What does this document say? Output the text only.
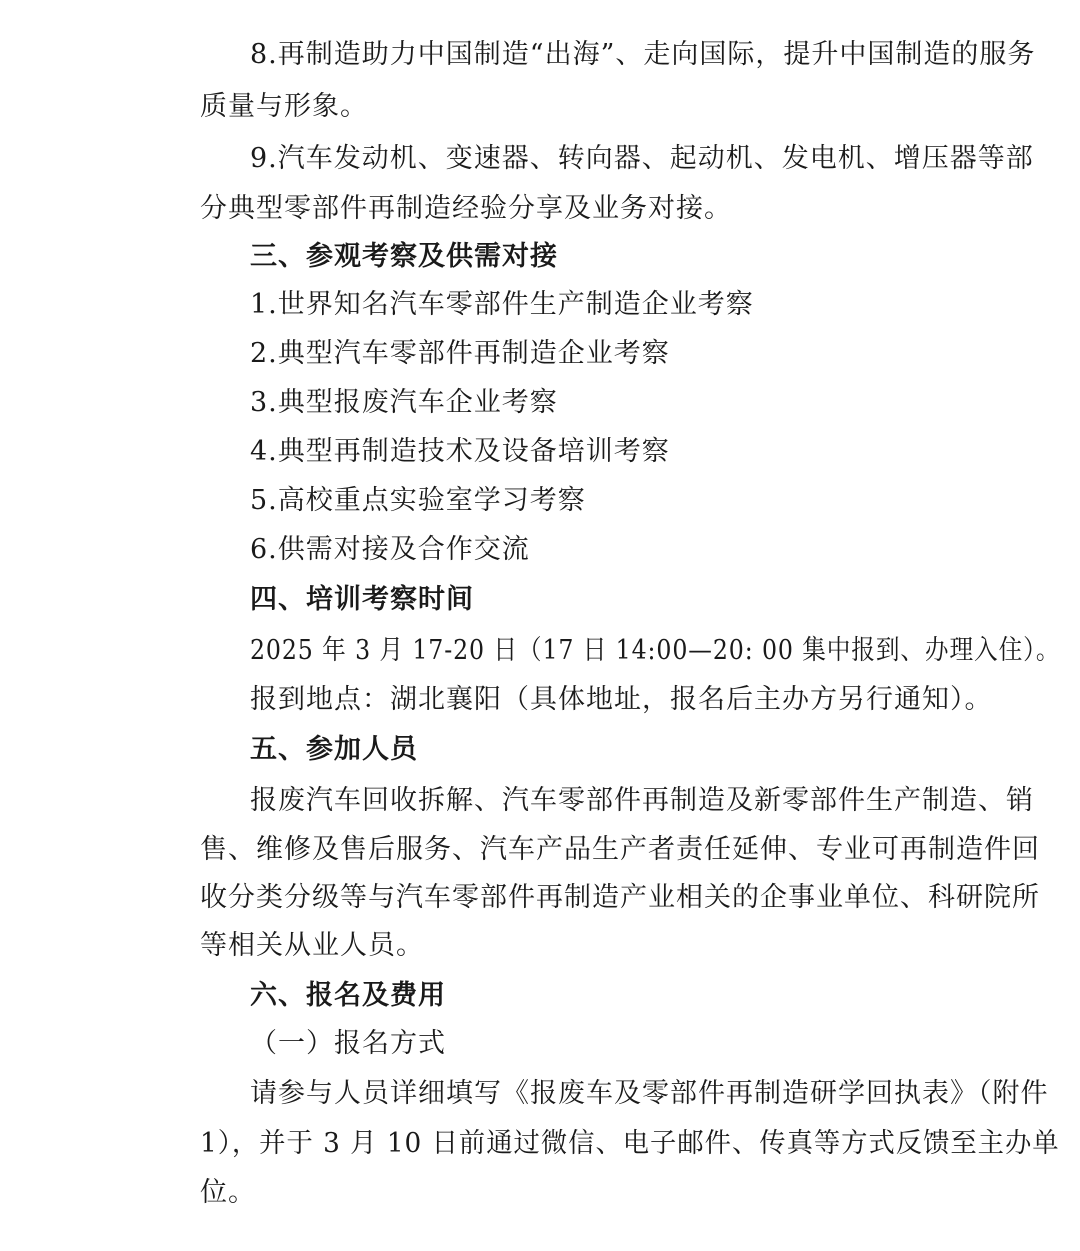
8.再制造助力中国制造“出海”、走向国际，提升中国制造的服务
质量与形象。
9.汽车发动机、变速器、转向器、起动机、发电机、增压器等部
分典型零部件再制造经验分享及业务对接。
三、参观考察及供需对接
1.世界知名汽车零部件生产制造企业考察
2.典型汽车零部件再制造企业考察
3.典型报废汽车企业考察
4.典型再制造技术及设备培训考察
5.高校重点实验室学习考察
6.供需对接及合作交流
四、培训考察时间
2025 年 3 月 17-20 日（17 日 14:00—20: 00 集中报到、办理入住）。
报到地点：湖北襄阳（具体地址，报名后主办方另行通知）。
五、参加人员
报废汽车回收拆解、汽车零部件再制造及新零部件生产制造、销
售、维修及售后服务、汽车产品生产者责任延伸、专业可再制造件回
收分类分级等与汽车零部件再制造产业相关的企事业单位、科研院所
等相关从业人员。
六、报名及费用
（一）报名方式
请参与人员详细填写《报废车及零部件再制造研学回执表》（附件
1），并于 3 月 10 日前通过微信、电子邮件、传真等方式反馈至主办单
位。
